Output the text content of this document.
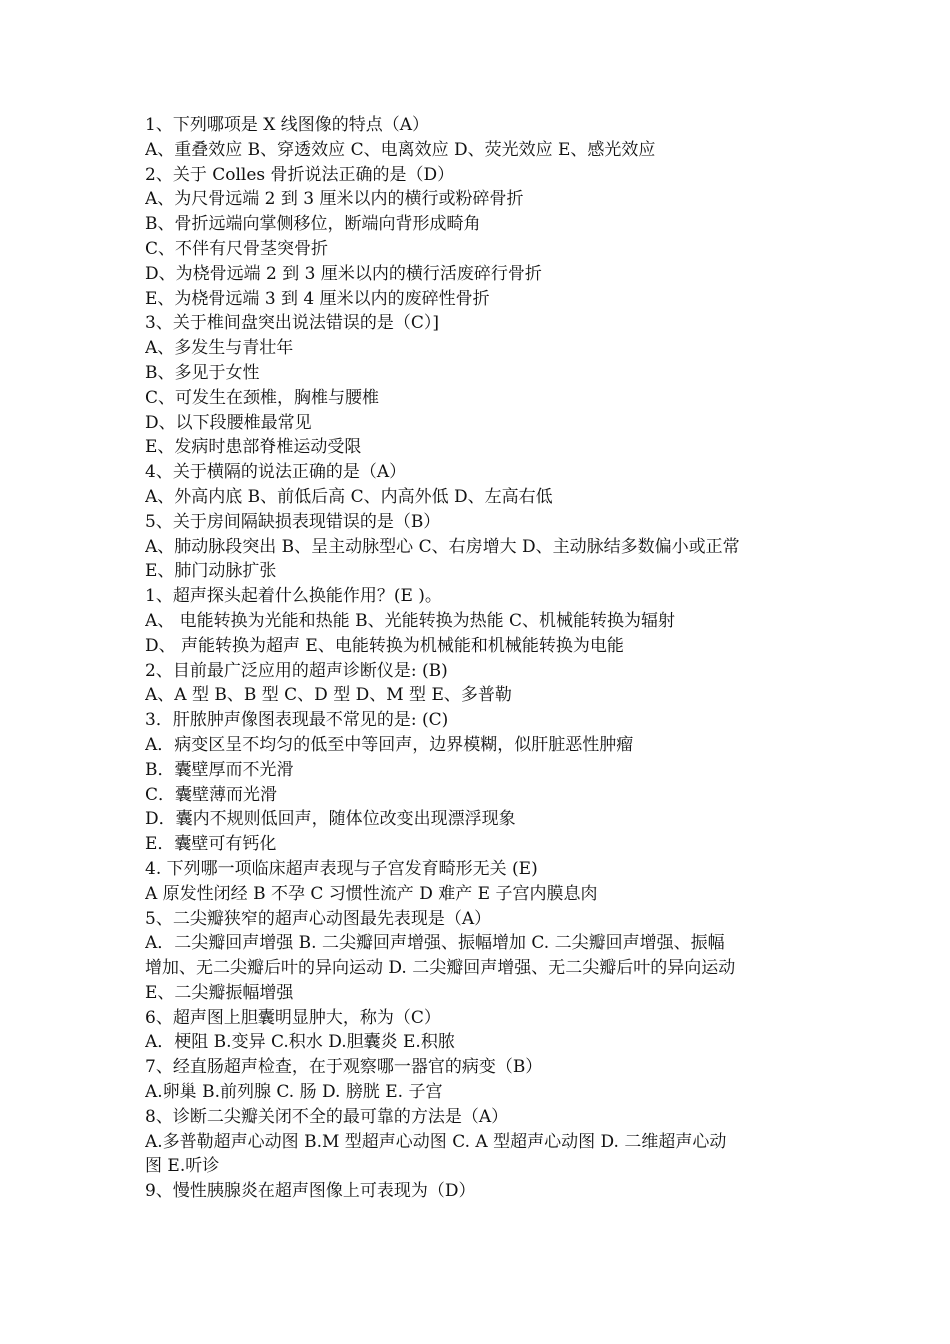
1、下列哪项是 X 线图像的特点（A）
A、重叠效应 B、穿透效应 C、电离效应 D、荧光效应 E、感光效应
2、关于 Colles 骨折说法正确的是（D）
A、为尺骨远端 2 到 3 厘米以内的横行或粉碎骨折
B、骨折远端向掌侧移位，断端向背形成畸角
C、不伴有尺骨茎突骨折
D、为桡骨远端 2 到 3 厘米以内的横行活废碎行骨折
E、为桡骨远端 3 到 4 厘米以内的废碎性骨折
3、关于椎间盘突出说法错误的是（C）]
A、多发生与青壮年
B、多见于女性
C、可发生在颈椎，胸椎与腰椎
D、以下段腰椎最常见
E、发病时患部脊椎运动受限
4、关于横隔的说法正确的是（A）
A、外高内底 B、前低后高 C、内高外低 D、左高右低
5、关于房间隔缺损表现错误的是（B）
A、肺动脉段突出 B、呈主动脉型心 C、右房增大 D、主动脉结多数偏小或正常
E、肺门动脉扩张
1、超声探头起着什么换能作用？(E )。
A、 电能转换为光能和热能 B、光能转换为热能 C、机械能转换为辐射
D、 声能转换为超声 E、电能转换为机械能和机械能转换为电能
2、目前最广泛应用的超声诊断仪是: (B)
A、A 型 B、B 型 C、D 型 D、M 型 E、多普勒
3．肝脓肿声像图表现最不常见的是: (C)
A．病变区呈不均匀的低至中等回声，边界模糊，似肝脏恶性肿瘤
B．囊壁厚而不光滑
C．囊壁薄而光滑
D．囊内不规则低回声，随体位改变出现漂浮现象
E．囊壁可有钙化
4. 下列哪一项临床超声表现与子宫发育畸形无关 (E)
A 原发性闭经 B 不孕 C 习惯性流产 D 难产 E 子宫内膜息肉
5、二尖瓣狭窄的超声心动图最先表现是（A）
A．二尖瓣回声增强 B. 二尖瓣回声增强、振幅增加 C. 二尖瓣回声增强、振幅
增加、无二尖瓣后叶的异向运动 D. 二尖瓣回声增强、无二尖瓣后叶的异向运动
E、二尖瓣振幅增强
6、超声图上胆囊明显肿大，称为（C）
A．梗阻 B.变异 C.积水 D.胆囊炎 E.积脓
7、经直肠超声检查，在于观察哪一器官的病变（B）
A.卵巢 B.前列腺 C. 肠 D. 膀胱 E. 子宫
8、诊断二尖瓣关闭不全的最可靠的方法是（A）
A.多普勒超声心动图 B.M 型超声心动图 C. A 型超声心动图 D. 二维超声心动
图 E.听诊
9、慢性胰腺炎在超声图像上可表现为（D）
